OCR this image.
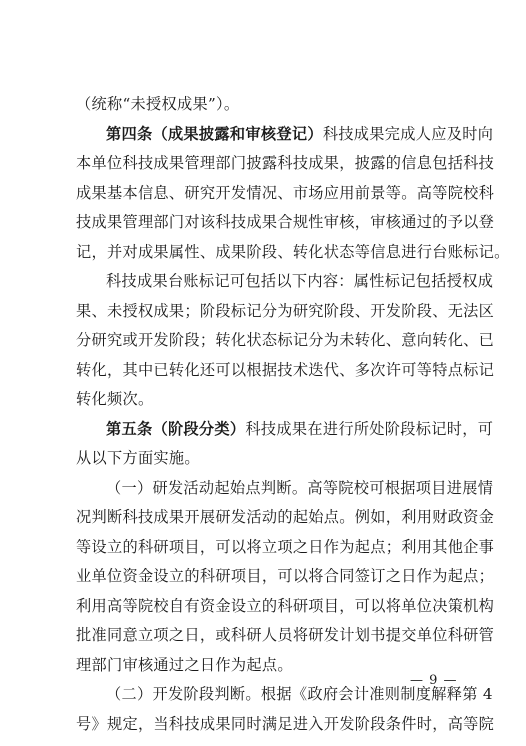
（统称“未授权成果”）。
第四条（成果披露和审核登记）科技成果完成人应及时向
本单位科技成果管理部门披露科技成果，披露的信息包括科技
成果基本信息、研究开发情况、市场应用前景等。高等院校科
技成果管理部门对该科技成果合规性审核，审核通过的予以登
记，并对成果属性、成果阶段、转化状态等信息进行台账标记。
科技成果台账标记可包括以下内容：属性标记包括授权成
果、未授权成果；阶段标记分为研究阶段、开发阶段、无法区
分研究或开发阶段；转化状态标记分为未转化、意向转化、已
转化，其中已转化还可以根据技术迭代、多次许可等特点标记
转化频次。
第五条（阶段分类）科技成果在进行所处阶段标记时，可
从以下方面实施。
（一）研发活动起始点判断。高等院校可根据项目进展情
况判断科技成果开展研发活动的起始点。例如，利用财政资金
等设立的科研项目，可以将立项之日作为起点；利用其他企事
业单位资金设立的科研项目，可以将合同签订之日作为起点；
利用高等院校自有资金设立的科研项目，可以将单位决策机构
批准同意立项之日，或科研人员将研发计划书提交单位科研管
理部门审核通过之日作为起点。
（二）开发阶段判断。根据《政府会计准则制度解释第 4
号》规定，当科技成果同时满足进入开发阶段条件时，高等院
— 9 —
